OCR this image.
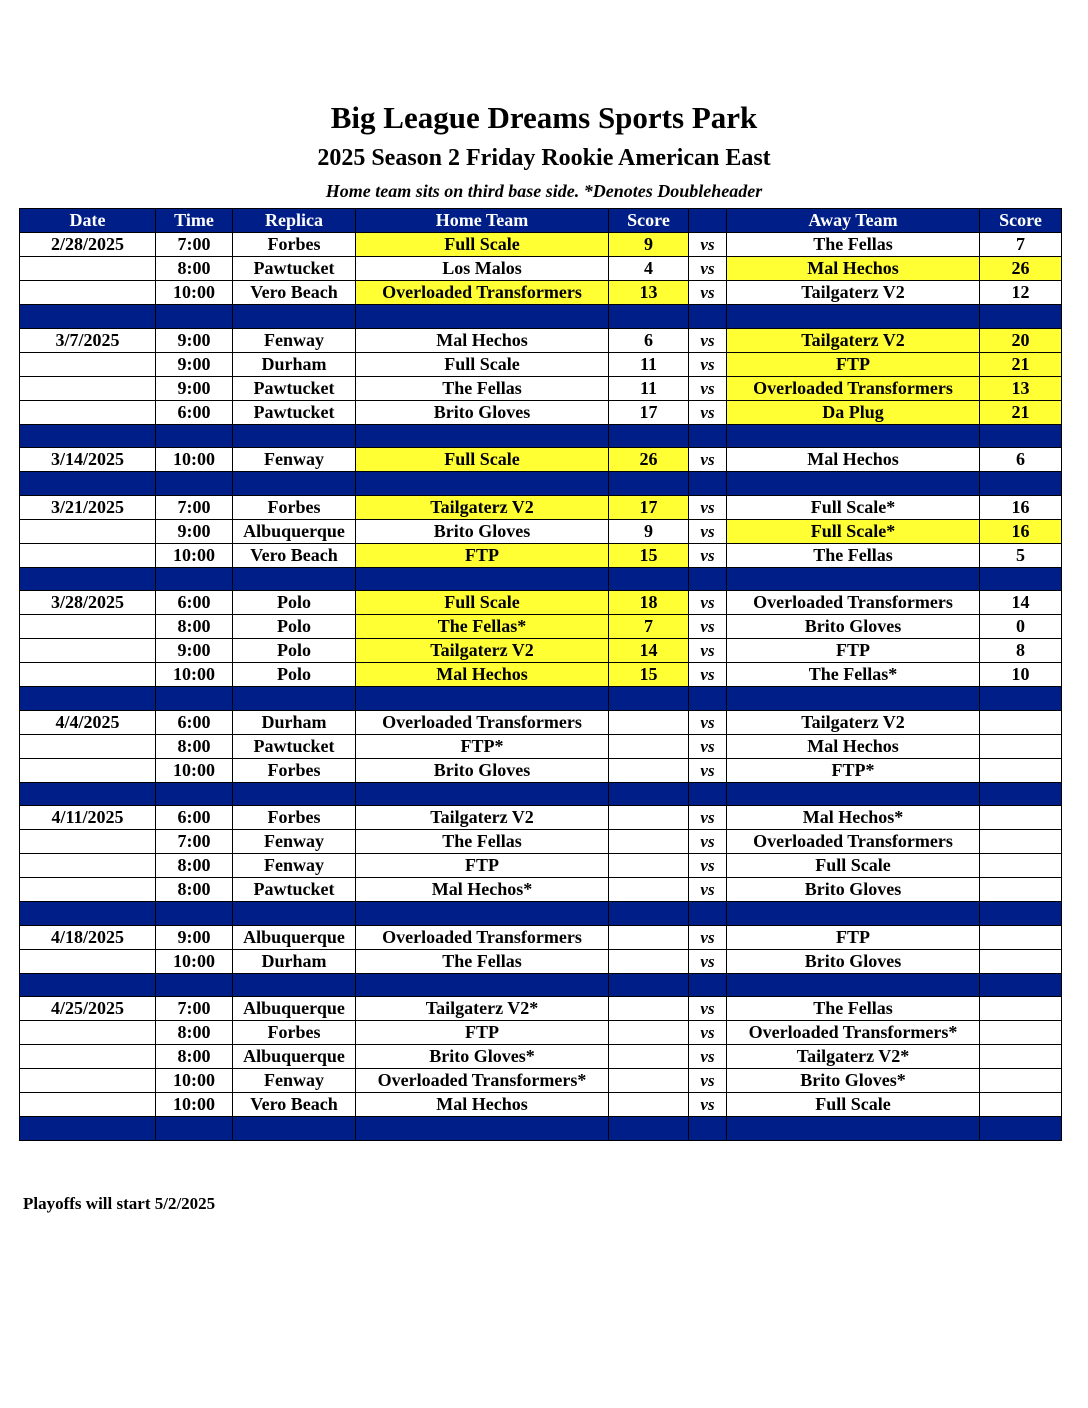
Big League Dreams Sports Park
2025 Season 2 Friday Rookie American East
Home team sits on third base side. *Denotes Doubleheader
Date	Time	Replica	Home Team	Score		Away Team	Score
2/28/2025	7:00	Forbes	Full Scale	9	vs	The Fellas	7
	8:00	Pawtucket	Los Malos	4	vs	Mal Hechos	26
	10:00	Vero Beach	Overloaded Transformers	13	vs	Tailgaterz V2	12

3/7/2025	9:00	Fenway	Mal Hechos	6	vs	Tailgaterz V2	20
	9:00	Durham	Full Scale	11	vs	FTP	21
	9:00	Pawtucket	The Fellas	11	vs	Overloaded Transformers	13
	6:00	Pawtucket	Brito Gloves	17	vs	Da Plug	21

3/14/2025	10:00	Fenway	Full Scale	26	vs	Mal Hechos	6

3/21/2025	7:00	Forbes	Tailgaterz V2	17	vs	Full Scale*	16
	9:00	Albuquerque	Brito Gloves	9	vs	Full Scale*	16
	10:00	Vero Beach	FTP	15	vs	The Fellas	5

3/28/2025	6:00	Polo	Full Scale	18	vs	Overloaded Transformers	14
	8:00	Polo	The Fellas*	7	vs	Brito Gloves	0
	9:00	Polo	Tailgaterz V2	14	vs	FTP	8
	10:00	Polo	Mal Hechos	15	vs	The Fellas*	10

4/4/2025	6:00	Durham	Overloaded Transformers		vs	Tailgaterz V2	
	8:00	Pawtucket	FTP*		vs	Mal Hechos	
	10:00	Forbes	Brito Gloves		vs	FTP*	

4/11/2025	6:00	Forbes	Tailgaterz V2		vs	Mal Hechos*	
	7:00	Fenway	The Fellas		vs	Overloaded Transformers	
	8:00	Fenway	FTP		vs	Full Scale	
	8:00	Pawtucket	Mal Hechos*		vs	Brito Gloves	

4/18/2025	9:00	Albuquerque	Overloaded Transformers		vs	FTP	
	10:00	Durham	The Fellas		vs	Brito Gloves	

4/25/2025	7:00	Albuquerque	Tailgaterz V2*		vs	The Fellas	
	8:00	Forbes	FTP		vs	Overloaded Transformers*	
	8:00	Albuquerque	Brito Gloves*		vs	Tailgaterz V2*	
	10:00	Fenway	Overloaded Transformers*		vs	Brito Gloves*	
	10:00	Vero Beach	Mal Hechos		vs	Full Scale	

Playoffs will start 5/2/2025
